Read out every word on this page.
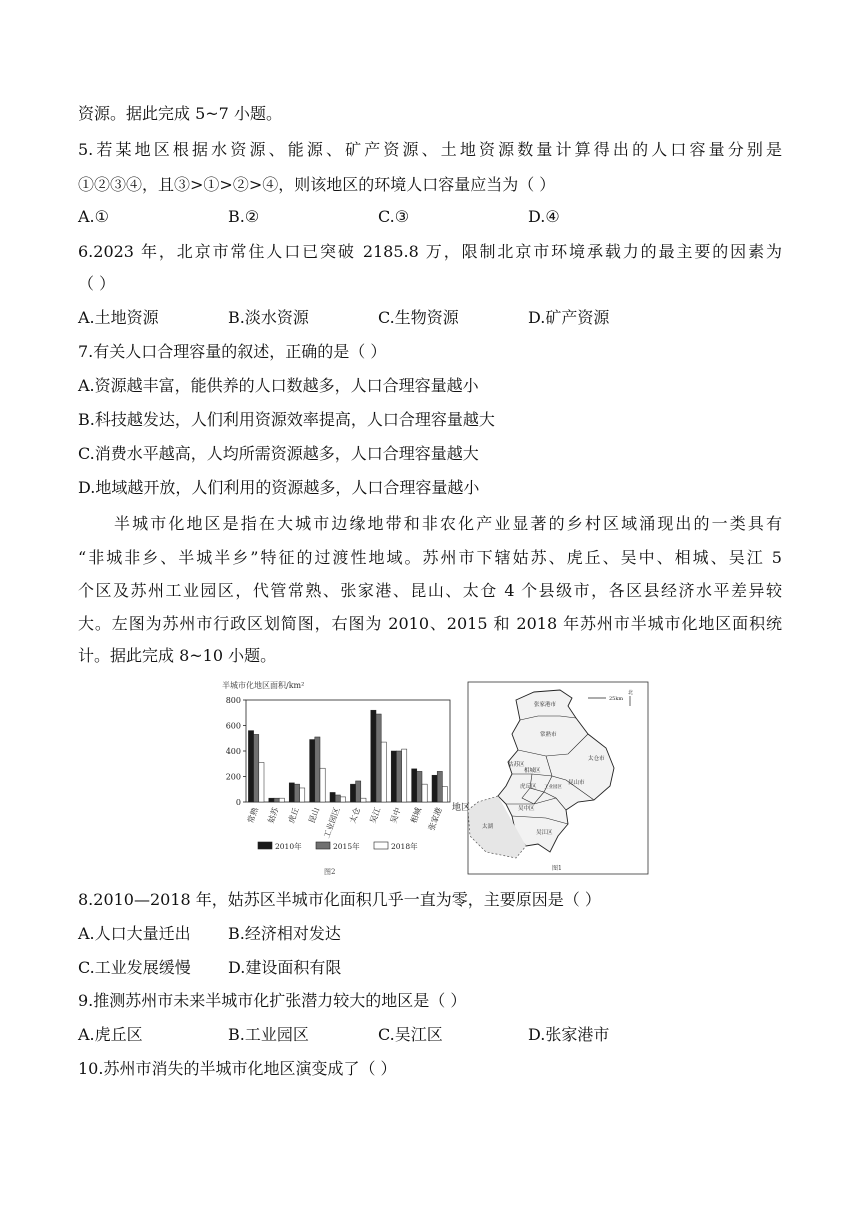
资源。据此完成 5~7 小题。
5.若某地区根据水资源、能源、矿产资源、土地资源数量计算得出的人口容量分别是
①②③④，且③>①>②>④，则该地区的环境人口容量应当为（ ）
A.①	B.②	C.③	D.④
6.2023 年，北京市常住人口已突破 2185.8 万，限制北京市环境承载力的最主要的因素为
（ ）
A.土地资源	B.淡水资源	C.生物资源	D.矿产资源
7.有关人口合理容量的叙述，正确的是（ ）
A.资源越丰富，能供养的人口数越多，人口合理容量越小
B.科技越发达，人们利用资源效率提高，人口合理容量越大
C.消费水平越高，人均所需资源越多，人口合理容量越大
D.地域越开放，人们利用的资源越多，人口合理容量越小
半城市化地区是指在大城市边缘地带和非农化产业显著的乡村区域涌现出的一类具有
“非城非乡、半城半乡”特征的过渡性地域。苏州市下辖姑苏、虎丘、吴中、相城、吴江 5
个区及苏州工业园区，代管常熟、张家港、昆山、太仓 4 个县级市，各区县经济水平差异较
大。左图为苏州市行政区划简图，右图为 2010、2015 和 2018 年苏州市半城市化地区面积统
计。据此完成 8~10 小题。
半城市化地区面积/km²
0
200
400
600
800
常熟 姑苏 虎丘 昆山 工业园区 太仓 吴江 吴中 相城 张家港 地区
2010年	2015年	2018年
图2
25km
北
张家港市
常熟市
太仓市
昆山市
相城区
姑苏区
虎丘区 工业园区
吴中区
吴江区
太湖
图1
8.2010—2018 年，姑苏区半城市化面积几乎一直为零，主要原因是（ ）
A.人口大量迁出 B.经济相对发达
C.工业发展缓慢 D.建设面积有限
9.推测苏州市未来半城市化扩张潜力较大的地区是（ ）
A.虎丘区	B.工业园区	C.吴江区	D.张家港市
10.苏州市消失的半城市化地区演变成了（ ）
